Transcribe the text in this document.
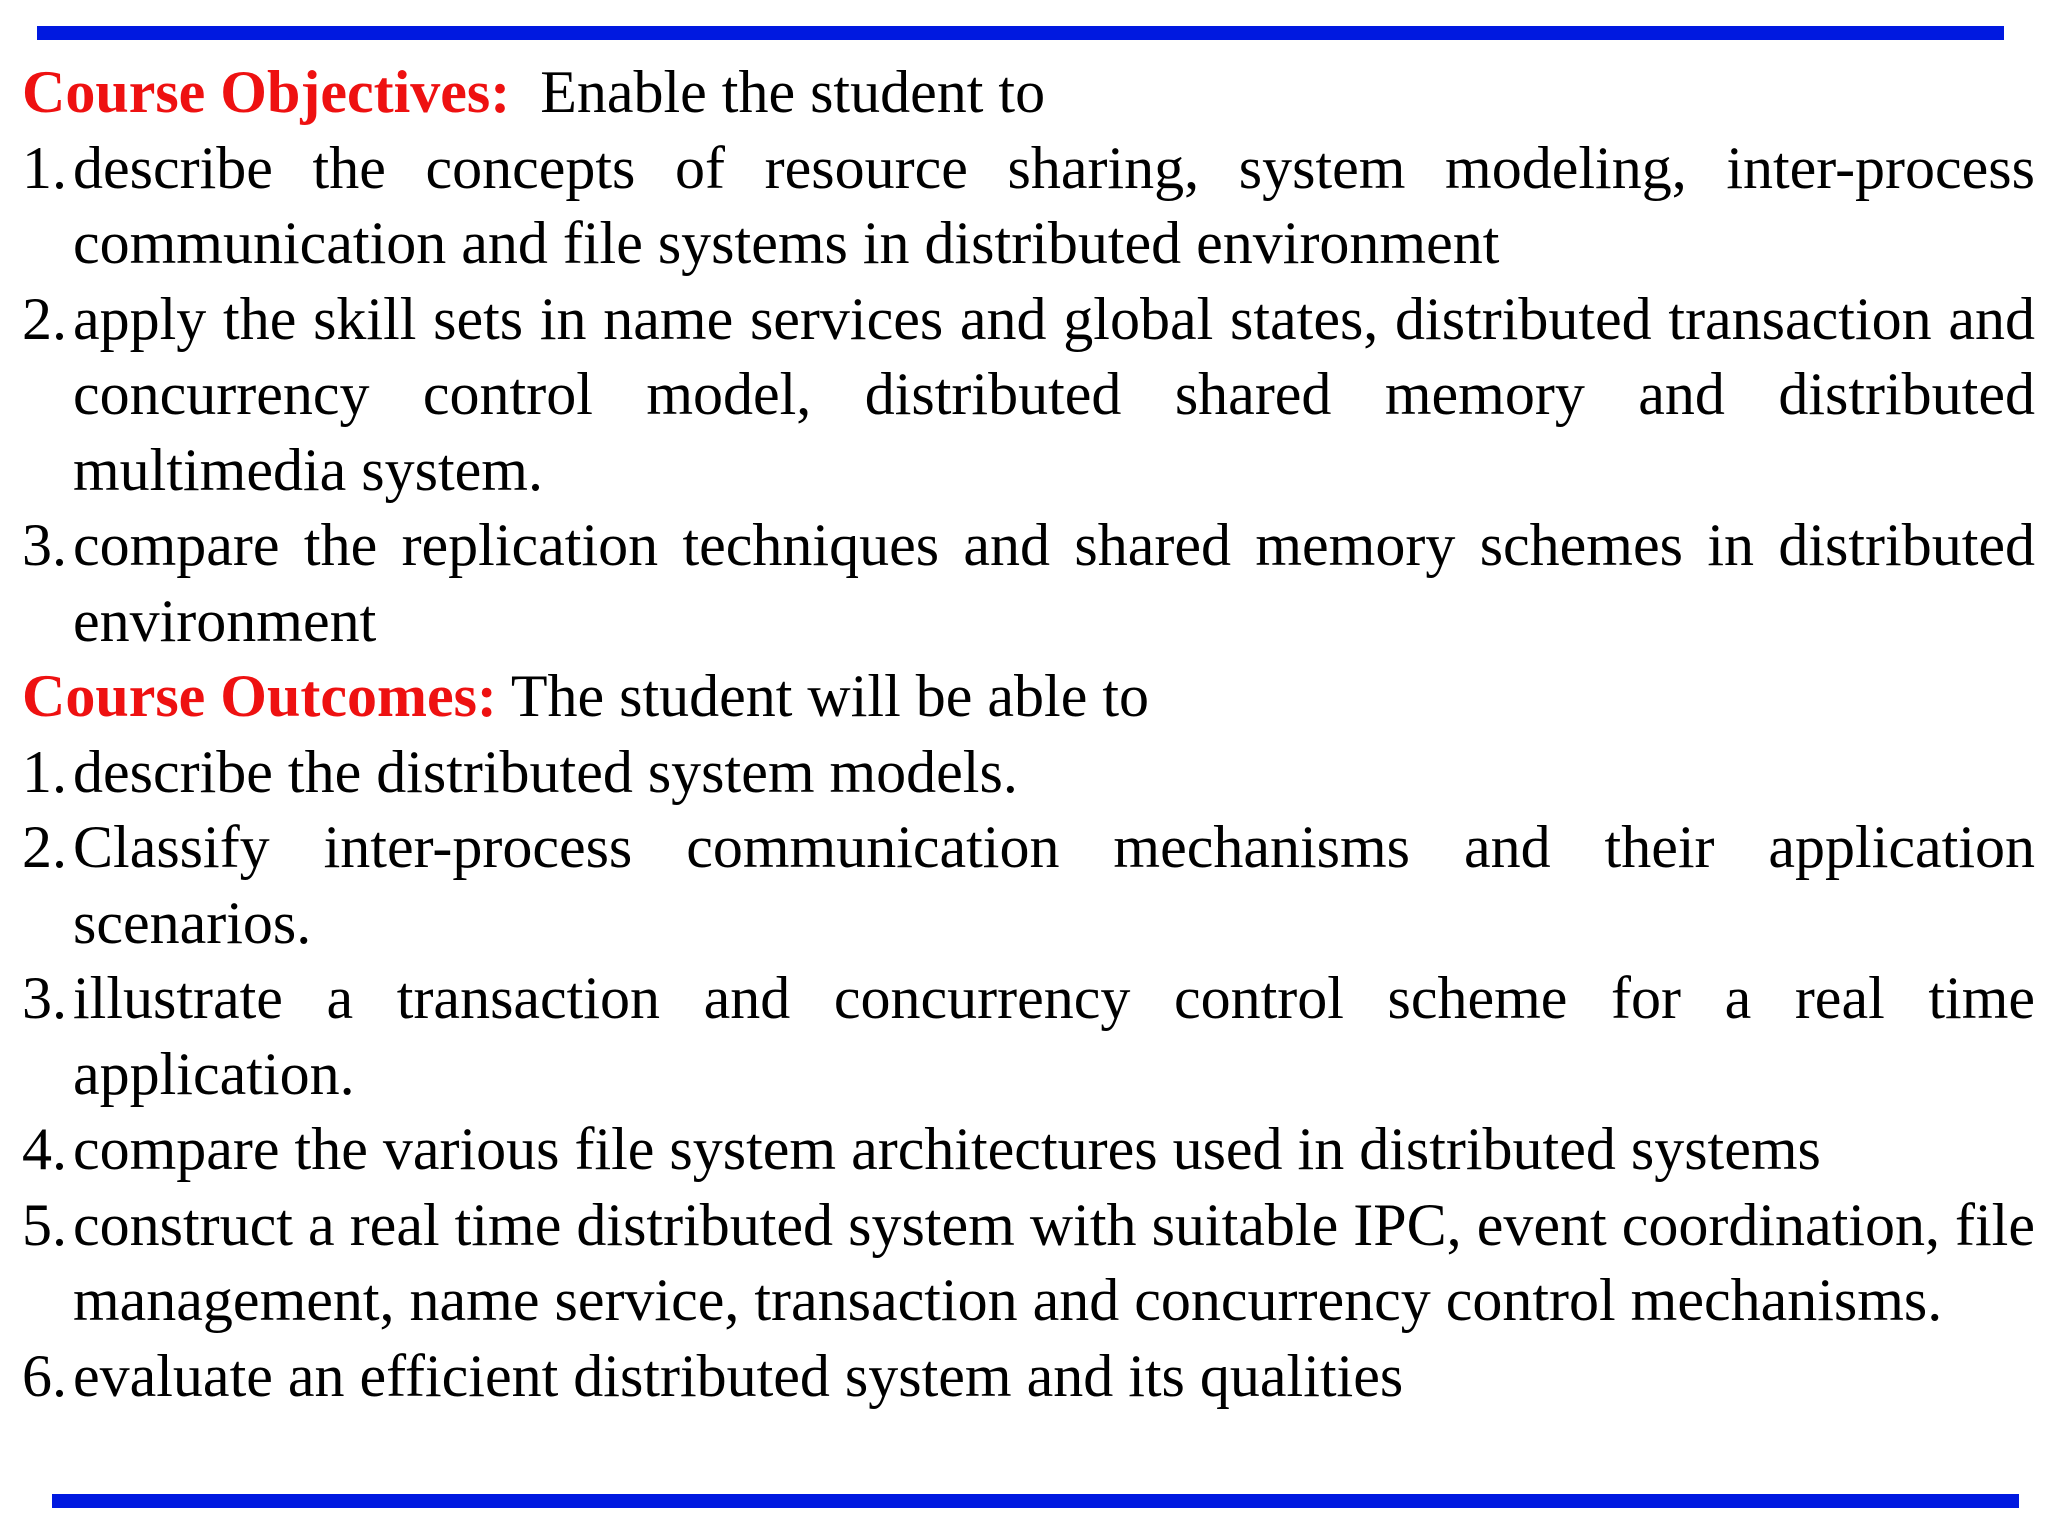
Course Objectives: Enable the student to
1. describe the concepts of resource sharing, system modeling, inter-process communication and file systems in distributed environment
2. apply the skill sets in name services and global states, distributed transaction and concurrency control model, distributed shared memory and distributed multimedia system.
3. compare the replication techniques and shared memory schemes in distributed environment
Course Outcomes: The student will be able to
1. describe the distributed system models.
2. Classify inter-process communication mechanisms and their application scenarios.
3. illustrate a transaction and concurrency control scheme for a real time application.
4. compare the various file system architectures used in distributed systems
5. construct a real time distributed system with suitable IPC, event coordination, file management, name service, transaction and concurrency control mechanisms.
6. evaluate an efficient distributed system and its qualities
